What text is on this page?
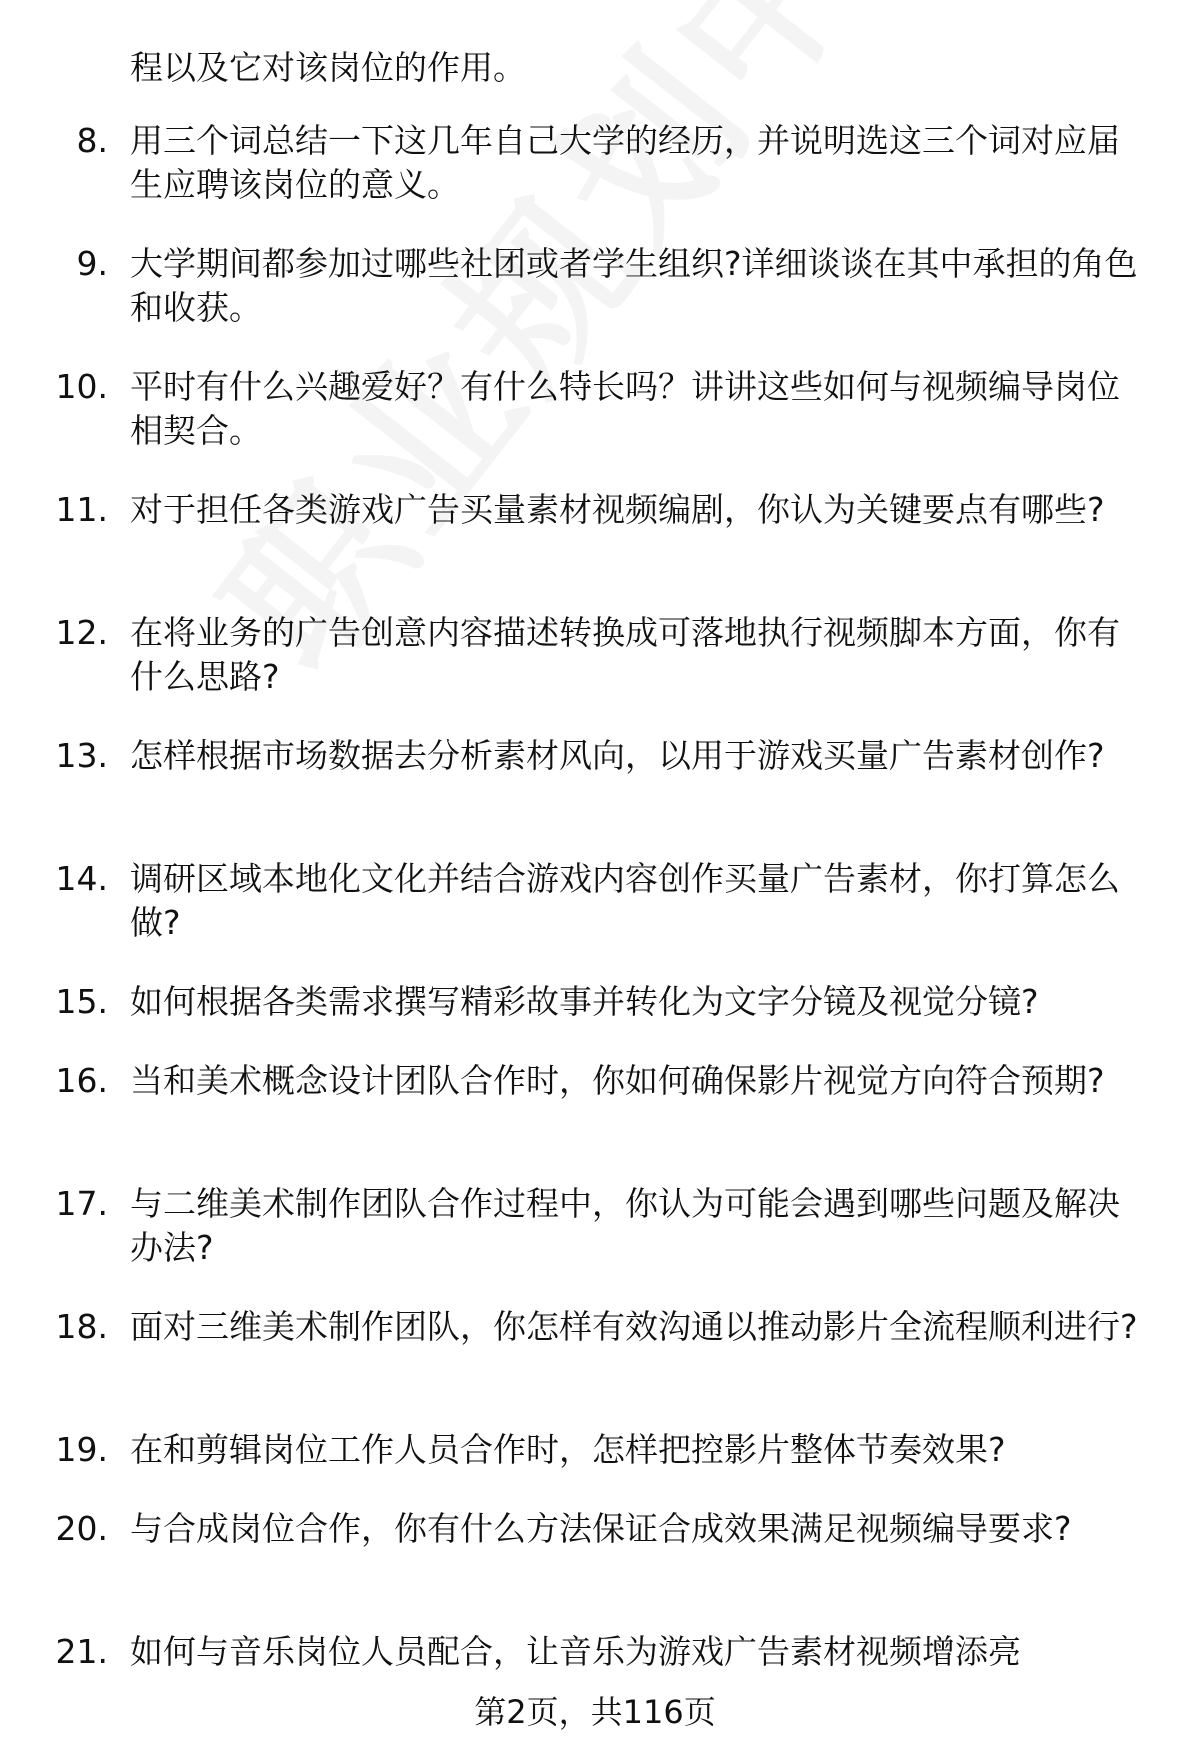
程以及它对该岗位的作用。
8. 用三个词总结一下这几年自己大学的经历，并说明选这三个词对应届生应聘该岗位的意义。
9. 大学期间都参加过哪些社团或者学生组织?详细谈谈在其中承担的角色和收获。
10. 平时有什么兴趣爱好？有什么特长吗？讲讲这些如何与视频编导岗位相契合。
11. 对于担任各类游戏广告买量素材视频编剧，你认为关键要点有哪些?
12. 在将业务的广告创意内容描述转换成可落地执行视频脚本方面，你有什么思路?
13. 怎样根据市场数据去分析素材风向，以用于游戏买量广告素材创作?
14. 调研区域本地化文化并结合游戏内容创作买量广告素材，你打算怎么做?
15. 如何根据各类需求撰写精彩故事并转化为文字分镜及视觉分镜?
16. 当和美术概念设计团队合作时，你如何确保影片视觉方向符合预期?
17. 与二维美术制作团队合作过程中，你认为可能会遇到哪些问题及解决办法?
18. 面对三维美术制作团队，你怎样有效沟通以推动影片全流程顺利进行?
19. 在和剪辑岗位工作人员合作时，怎样把控影片整体节奏效果?
20. 与合成岗位合作，你有什么方法保证合成效果满足视频编导要求?
21. 如何与音乐岗位人员配合，让音乐为游戏广告素材视频增添亮
第2页，共116页
